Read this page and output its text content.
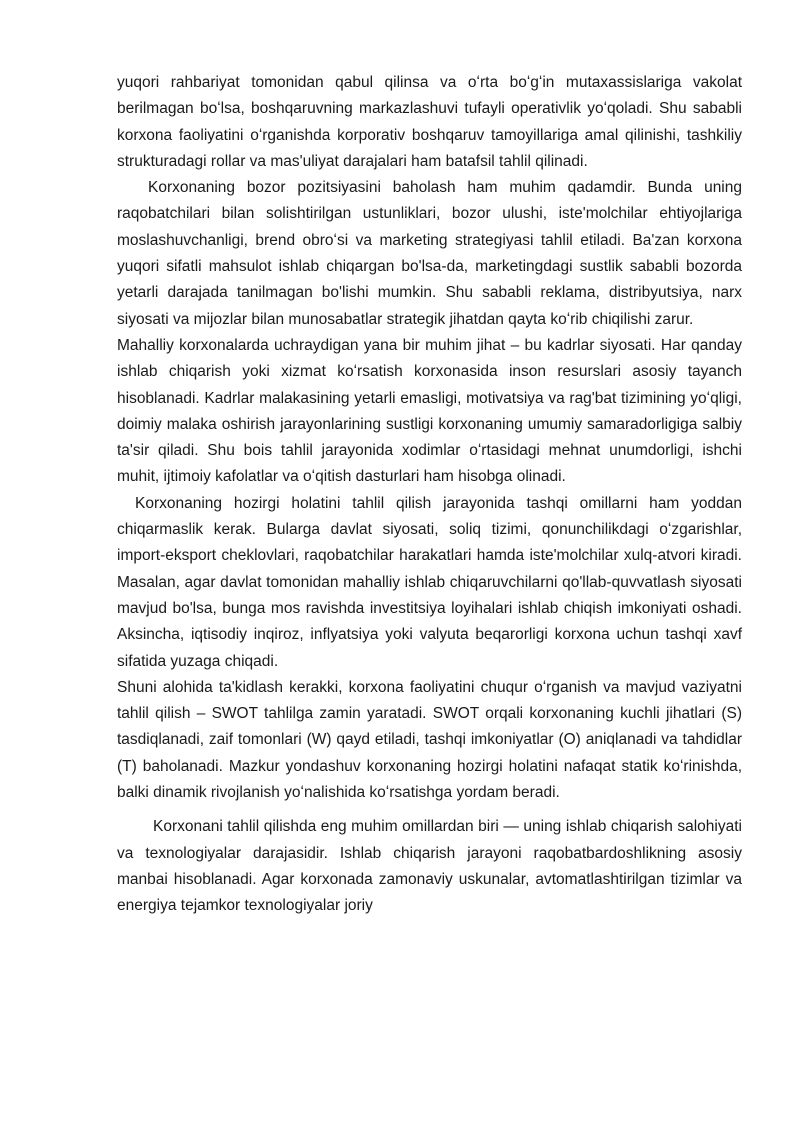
yuqori rahbariyat tomonidan qabul qilinsa va oʻrta boʻgʻin mutaxassislariga vakolat berilmagan boʻlsa, boshqaruvning markazlashuvi tufayli operativlik yoʻqoladi. Shu sababli korxona faoliyatini oʻrganishda korporativ boshqaruv tamoyillariga amal qilinishi, tashkiliy strukturadagi rollar va mas'uliyat darajalari ham batafsil tahlil qilinadi.

Korxonaning bozor pozitsiyasini baholash ham muhim qadamdir. Bunda uning raqobatchilari bilan solishtirilgan ustunliklari, bozor ulushi, iste'molchilar ehtiyojlariga moslashuvchanligi, brend obroʻsi va marketing strategiyasi tahlil etiladi. Ba'zan korxona yuqori sifatli mahsulot ishlab chiqargan bo'lsa-da, marketingdagi sustlik sababli bozorda yetarli darajada tanilmagan bo'lishi mumkin. Shu sababli reklama, distribyutsiya, narx siyosati va mijozlar bilan munosabatlar strategik jihatdan qayta koʻrib chiqilishi zarur.

Mahalliy korxonalarda uchraydigan yana bir muhim jihat – bu kadrlar siyosati. Har qanday ishlab chiqarish yoki xizmat koʻrsatish korxonasida inson resurslari asosiy tayanch hisoblanadi. Kadrlar malakasining yetarli emasligi, motivatsiya va rag'bat tizimining yoʻqligi, doimiy malaka oshirish jarayonlarining sustligi korxonaning umumiy samaradorligiga salbiy ta'sir qiladi. Shu bois tahlil jarayonida xodimlar oʻrtasidagi mehnat unumdorligi, ishchi muhit, ijtimoiy kafolatlar va oʻqitish dasturlari ham hisobga olinadi.

Korxonaning hozirgi holatini tahlil qilish jarayonida tashqi omillarni ham yoddan chiqarmaslik kerak. Bularga davlat siyosati, soliq tizimi, qonunchilikdagi oʻzgarishlar, import-eksport cheklovlari, raqobatchilar harakatlari hamda iste'molchilar xulq-atvori kiradi. Masalan, agar davlat tomonidan mahalliy ishlab chiqaruvchilarni qo'llab-quvvatlash siyosati mavjud bo'lsa, bunga mos ravishda investitsiya loyihalari ishlab chiqish imkoniyati oshadi. Aksincha, iqtisodiy inqiroz, inflyatsiya yoki valyuta beqarorligi korxona uchun tashqi xavf sifatida yuzaga chiqadi.

Shuni alohida ta'kidlash kerakki, korxona faoliyatini chuqur oʻrganish va mavjud vaziyatni tahlil qilish – SWOT tahlilga zamin yaratadi. SWOT orqali korxonaning kuchli jihatlari (S) tasdiqlanadi, zaif tomonlari (W) qayd etiladi, tashqi imkoniyatlar (O) aniqlanadi va tahdidlar (T) baholanadi. Mazkur yondashuv korxonaning hozirgi holatini nafaqat statik koʻrinishda, balki dinamik rivojlanish yoʻnalishida koʻrsatishga yordam beradi.

Korxonani tahlil qilishda eng muhim omillardan biri — uning ishlab chiqarish salohiyati va texnologiyalar darajasidir. Ishlab chiqarish jarayoni raqobatbardoshlikning asosiy manbai hisoblanadi. Agar korxonada zamonaviy uskunalar, avtomatlashtirilgan tizimlar va energiya tejamkor texnologiyalar joriy
